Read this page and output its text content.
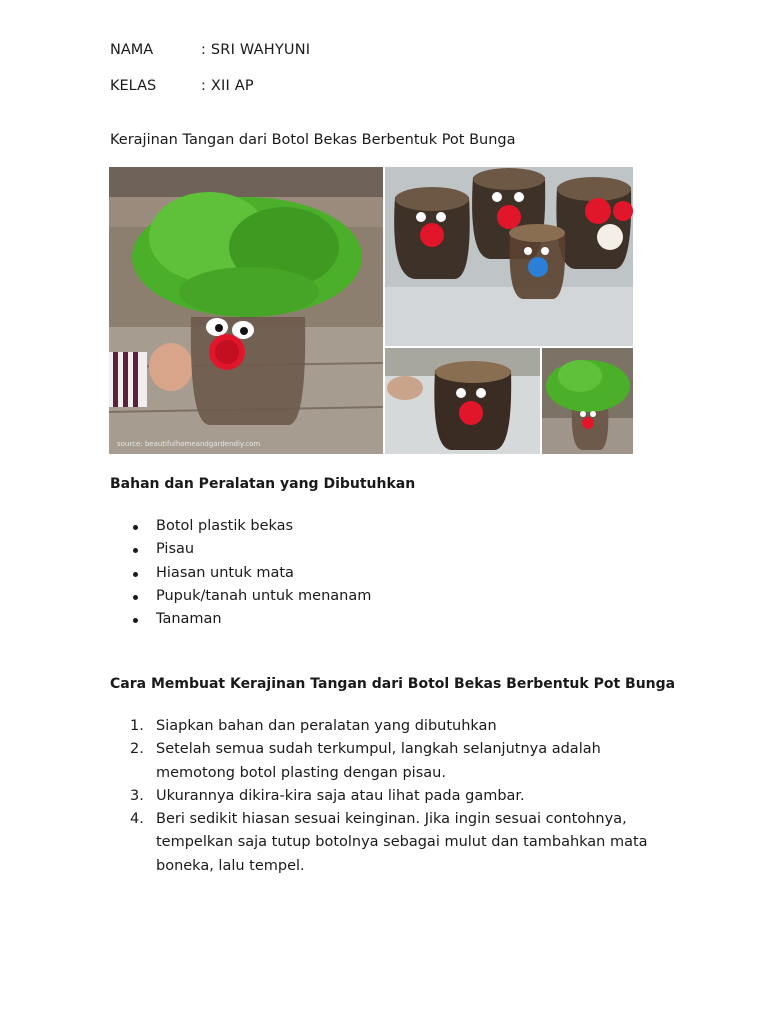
NAMA	: SRI WAHYUNI
KELAS	: XII AP
Kerajinan Tangan dari Botol Bekas Berbentuk Pot Bunga
source: beautifulhomeandgardendiy.com
Bahan dan Peralatan yang Dibutuhkan
Botol plastik bekas
Pisau
Hiasan untuk mata
Pupuk/tanah untuk menanam
Tanaman
Cara Membuat Kerajinan Tangan dari Botol Bekas Berbentuk Pot Bunga
1. Siapkan bahan dan peralatan yang dibutuhkan
2. Setelah semua sudah terkumpul, langkah selanjutnya adalah memotong botol plasting dengan pisau.
3. Ukurannya dikira-kira saja atau lihat pada gambar.
4. Beri sedikit hiasan sesuai keinginan. Jika ingin sesuai contohnya, tempelkan saja tutup botolnya sebagai mulut dan tambahkan mata boneka, lalu tempel.
